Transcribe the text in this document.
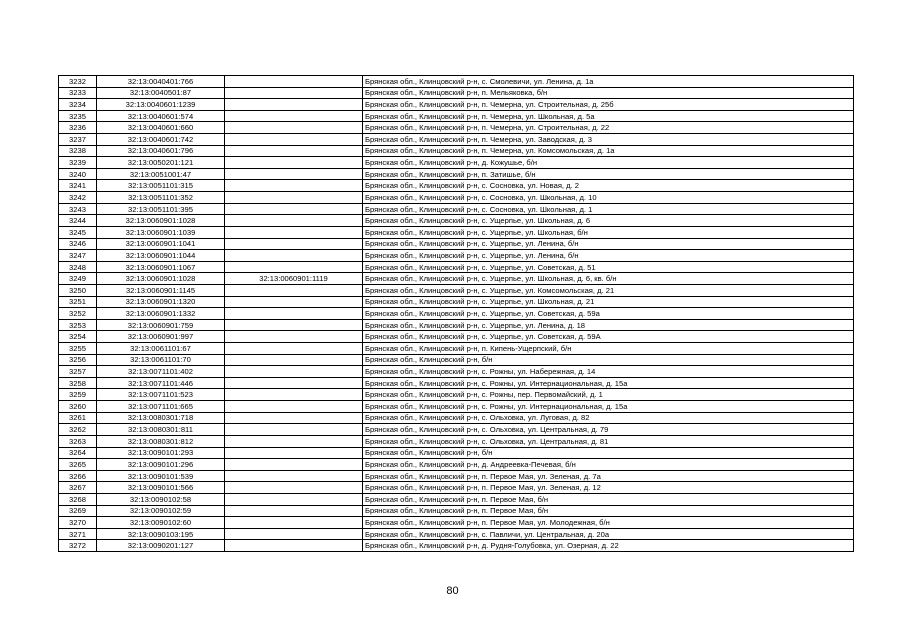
3232	32:13:0040401:766		Брянская обл., Клинцовский р-н, с. Смолевичи, ул. Ленина, д. 1а
3233	32:13:0040501:87		Брянская обл., Клинцовский р-н, п. Мельяковка, б/н
3234	32:13:0040601:1239		Брянская обл., Клинцовский р-н, п. Чемерна, ул. Строительная, д. 25б
3235	32:13:0040601:574		Брянская обл., Клинцовский р-н, п. Чемерна, ул. Школьная, д. 5а
3236	32:13:0040601:660		Брянская обл., Клинцовский р-н, п. Чемерна, ул. Строительная, д. 22
3237	32:13:0040601:742		Брянская обл., Клинцовский р-н, п. Чемерна, ул. Заводская, д. 3
3238	32:13:0040601:796		Брянская обл., Клинцовский р-н, п. Чемерна, ул. Комсомольская, д. 1а
3239	32:13:0050201:121		Брянская обл., Клинцовский р-н, д. Кожушье, б/н
3240	32:13:0051001:47		Брянская обл., Клинцовский р-н, п. Затишье, б/н
3241	32:13:0051101:315		Брянская обл., Клинцовский р-н, с. Сосновка, ул. Новая, д. 2
3242	32:13:0051101:352		Брянская обл., Клинцовский р-н, с. Сосновка, ул. Школьная, д. 10
3243	32:13:0051101:395		Брянская обл., Клинцовский р-н, с. Сосновка, ул. Школьная, д. 1
3244	32:13:0060901:1028		Брянская обл., Клинцовский р-н, с. Ущерпье, ул. Школьная, д. 6
3245	32:13:0060901:1039		Брянская обл., Клинцовский р-н, с. Ущерпье, ул. Школьная, б/н
3246	32:13:0060901:1041		Брянская обл., Клинцовский р-н, с. Ущерпье, ул. Ленина, б/н
3247	32:13:0060901:1044		Брянская обл., Клинцовский р-н, с. Ущерпье, ул. Ленина, б/н
3248	32:13:0060901:1067		Брянская обл., Клинцовский р-н, с. Ущерпье, ул. Советская, д. 51
3249	32:13:0060901:1028	32:13:0060901:1119	Брянская обл., Клинцовский р-н, с. Ущерпье, ул. Школьная, д. 6, кв. б/н
3250	32:13:0060901:1145		Брянская обл., Клинцовский р-н, с. Ущерпье, ул. Комсомольская, д. 21
3251	32:13:0060901:1320		Брянская обл., Клинцовский р-н, с. Ущерпье, ул. Школьная, д. 21
3252	32:13:0060901:1332		Брянская обл., Клинцовский р-н, с. Ущерпье, ул. Советская, д. 59а
3253	32:13:0060901:759		Брянская обл., Клинцовский р-н, с. Ущерпье, ул. Ленина, д. 18
3254	32:13:0060901:997		Брянская обл., Клинцовский р-н, с. Ущерпье, ул. Советская, д. 59А
3255	32:13:0061101:67		Брянская обл., Клинцовский р-н, п. Кипень-Ущерпский, б/н
3256	32:13:0061101:70		Брянская обл., Клинцовский р-н, б/н
3257	32:13:0071101:402		Брянская обл., Клинцовский р-н, с. Рожны, ул. Набережная, д. 14
3258	32:13:0071101:446		Брянская обл., Клинцовский р-н, с. Рожны, ул. Интернациональная, д. 15а
3259	32:13:0071101:523		Брянская обл., Клинцовский р-н, с. Рожны, пер. Первомайский, д. 1
3260	32:13:0071101:665		Брянская обл., Клинцовский р-н, с. Рожны, ул. Интернациональная, д. 15а
3261	32:13:0080301:718		Брянская обл., Клинцовский р-н, с. Ольховка, ул. Луговая, д. 82
3262	32:13:0080301:811		Брянская обл., Клинцовский р-н, с. Ольховка, ул. Центральная, д. 79
3263	32:13:0080301:812		Брянская обл., Клинцовский р-н, с. Ольховка, ул. Центральная, д. 81
3264	32:13:0090101:293		Брянская обл., Клинцовский р-н, б/н
3265	32:13:0090101:296		Брянская обл., Клинцовский р-н, д. Андреевка-Печевая, б/н
3266	32:13:0090101:539		Брянская обл., Клинцовский р-н, п. Первое Мая, ул. Зеленая, д. 7а
3267	32:13:0090101:566		Брянская обл., Клинцовский р-н, п. Первое Мая, ул. Зеленая, д. 12
3268	32:13:0090102:58		Брянская обл., Клинцовский р-н, п. Первое Мая, б/н
3269	32:13:0090102:59		Брянская обл., Клинцовский р-н, п. Первое Мая, б/н
3270	32:13:0090102:60		Брянская обл., Клинцовский р-н, п. Первое Мая, ул. Молодежная, б/н
3271	32:13:0090103:195		Брянская обл., Клинцовский р-н, с. Павличи, ул. Центральная, д. 20а
3272	32:13:0090201:127		Брянская обл., Клинцовский р-н, д. Рудня-Голубовка, ул. Озерная, д. 22
80
